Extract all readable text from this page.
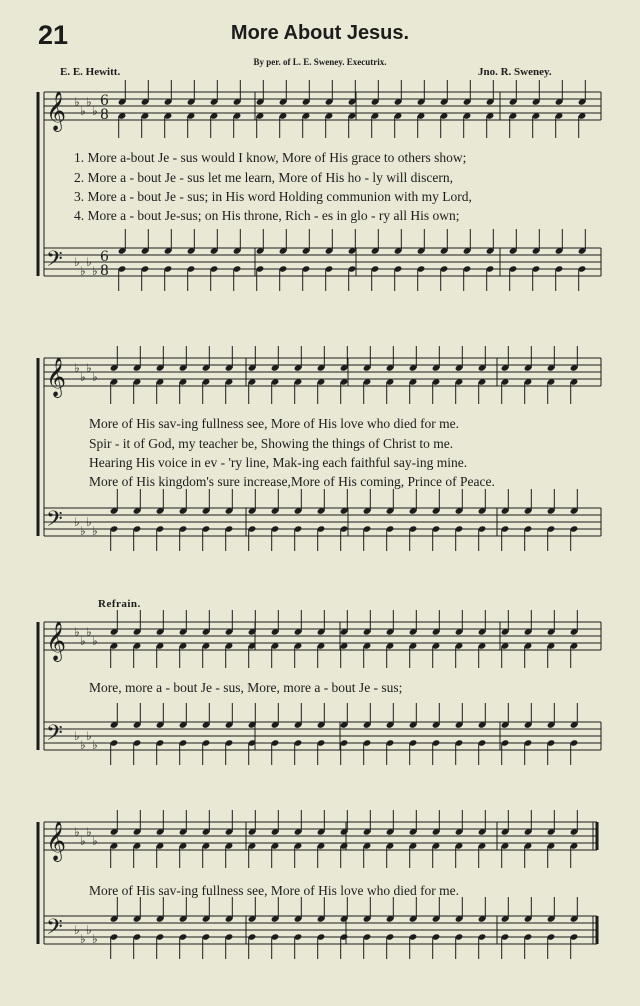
21	More About Jesus.
By per. of L. E. Sweney. Executrix.
E. E. Hewitt.	Jno. R. Sweney.
𝄞
𝄢
♭
♭
♭
♭
♭
♭
♭
♭
6
8
6
8
𝄞
𝄢
♭
♭
♭
♭
♭
♭
♭
♭
𝄞
𝄢
♭
♭
♭
♭
♭
♭
♭
♭
𝄞
𝄢
♭
♭
♭
♭
♭
♭
♭
♭
1. More a-bout Je - sus would I know, More of His grace to others show;
2. More a - bout Je - sus let me learn, More of His ho - ly will discern,
3. More a - bout Je - sus; in His word Holding communion with my Lord,
4. More a - bout Je-sus; on His throne, Rich - es in glo - ry all His own;
More of His sav-ing fullness see, More of His love who died for me.
Spir - it of God, my teacher be, Showing the things of Christ to me.
Hearing His voice in ev - 'ry line, Mak-ing each faithful say-ing mine.
More of His kingdom's sure increase,More of His coming, Prince of Peace.
Refrain.
More, more a - bout Je - sus, More, more a - bout Je - sus;
More of His sav-ing fullness see, More of His love who died for me.
